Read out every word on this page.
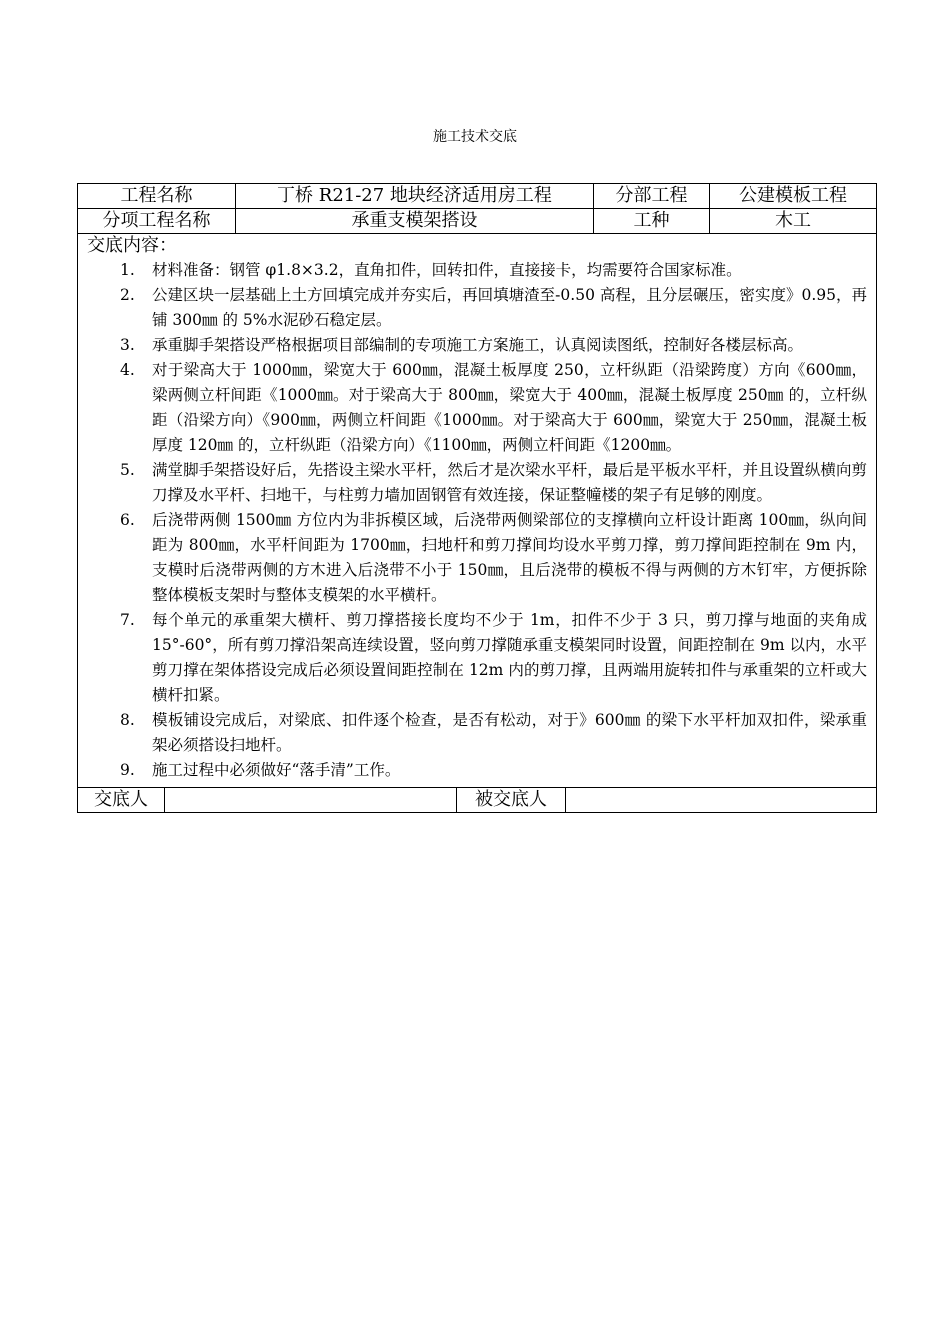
施工技术交底
工程名称	丁桥 R21-27 地块经济适用房工程	分部工程	公建模板工程
分项工程名称	承重支模架搭设	工种	木工
交底内容：
1. 材料准备：钢管 φ1.8×3.2，直角扣件，回转扣件，直接接卡，均需要符合国家标准。
2. 公建区块一层基础上土方回填完成并夯实后，再回填塘渣至-0.50 高程，且分层碾压，密实度》0.95，再铺 300㎜ 的 5%水泥砂石稳定层。
3. 承重脚手架搭设严格根据项目部编制的专项施工方案施工，认真阅读图纸，控制好各楼层标高。
4. 对于梁高大于 1000㎜，梁宽大于 600㎜，混凝土板厚度 250，立杆纵距（沿梁跨度）方向《600㎜，梁两侧立杆间距《1000㎜。对于梁高大于 800㎜，梁宽大于 400㎜，混凝土板厚度 250㎜ 的，立杆纵距（沿梁方向）《900㎜，两侧立杆间距《1000㎜。对于梁高大于 600㎜，梁宽大于 250㎜，混凝土板厚度 120㎜ 的，立杆纵距（沿梁方向）《1100㎜，两侧立杆间距《1200㎜。
5. 满堂脚手架搭设好后，先搭设主梁水平杆，然后才是次梁水平杆，最后是平板水平杆，并且设置纵横向剪刀撑及水平杆、扫地干，与柱剪力墙加固钢管有效连接，保证整幢楼的架子有足够的刚度。
6. 后浇带两侧 1500㎜ 方位内为非拆模区域，后浇带两侧梁部位的支撑横向立杆设计距离 100㎜，纵向间距为 800㎜，水平杆间距为 1700㎜，扫地杆和剪刀撑间均设水平剪刀撑，剪刀撑间距控制在 9m 内，支模时后浇带两侧的方木进入后浇带不小于 150㎜，且后浇带的模板不得与两侧的方木钉牢，方便拆除整体模板支架时与整体支模架的水平横杆。
7. 每个单元的承重架大横杆、剪刀撑搭接长度均不少于 1m，扣件不少于 3 只，剪刀撑与地面的夹角成 15°-60°，所有剪刀撑沿架高连续设置，竖向剪刀撑随承重支模架同时设置，间距控制在 9m 以内，水平剪刀撑在架体搭设完成后必须设置间距控制在 12m 内的剪刀撑，且两端用旋转扣件与承重架的立杆或大横杆扣紧。
8. 模板铺设完成后，对梁底、扣件逐个检查，是否有松动，对于》600㎜ 的梁下水平杆加双扣件，梁承重架必须搭设扫地杆。
9. 施工过程中必须做好“落手清”工作。
交底人	被交底人
